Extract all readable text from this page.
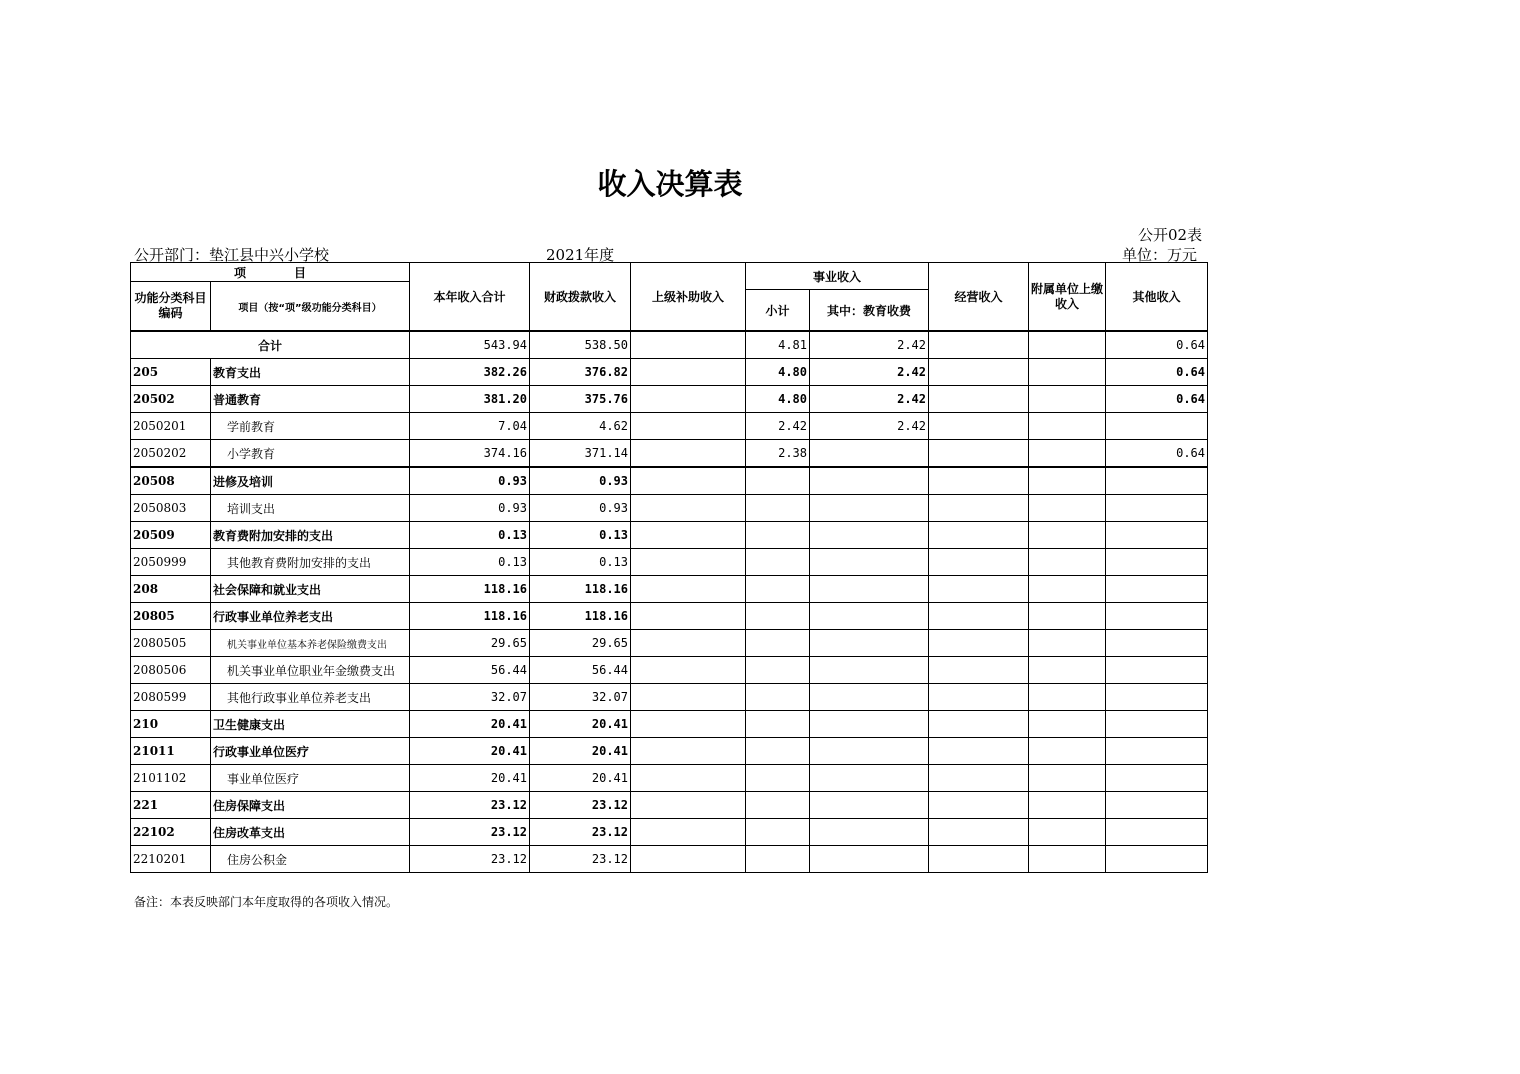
收入决算表
公开02表
公开部门：垫江县中兴小学校	2021年度	单位：万元
项　　　　目		本年收入合计	财政拨款收入	上级补助收入	事业收入		经营收入	附属单位上缴收入	其他收入
功能分类科目编码	项目（按“项”级功能分类科目）								
					小计	其中：教育收费			
合计		543.94	538.50		4.81	2.42			0.64
205	教育支出	382.26	376.82		4.80	2.42			0.64
20502	普通教育	381.20	375.76		4.80	2.42			0.64
2050201	学前教育	7.04	4.62		2.42	2.42			
2050202	小学教育	374.16	371.14		2.38				0.64
20508	进修及培训	0.93	0.93						
2050803	培训支出	0.93	0.93						
20509	教育费附加安排的支出	0.13	0.13						
2050999	其他教育费附加安排的支出	0.13	0.13						
208	社会保障和就业支出	118.16	118.16						
20805	行政事业单位养老支出	118.16	118.16						
2080505	机关事业单位基本养老保险缴费支出	29.65	29.65						
2080506	机关事业单位职业年金缴费支出	56.44	56.44						
2080599	其他行政事业单位养老支出	32.07	32.07						
210	卫生健康支出	20.41	20.41						
21011	行政事业单位医疗	20.41	20.41						
2101102	事业单位医疗	20.41	20.41						
221	住房保障支出	23.12	23.12						
22102	住房改革支出	23.12	23.12						
2210201	住房公积金	23.12	23.12						
备注：本表反映部门本年度取得的各项收入情况。
